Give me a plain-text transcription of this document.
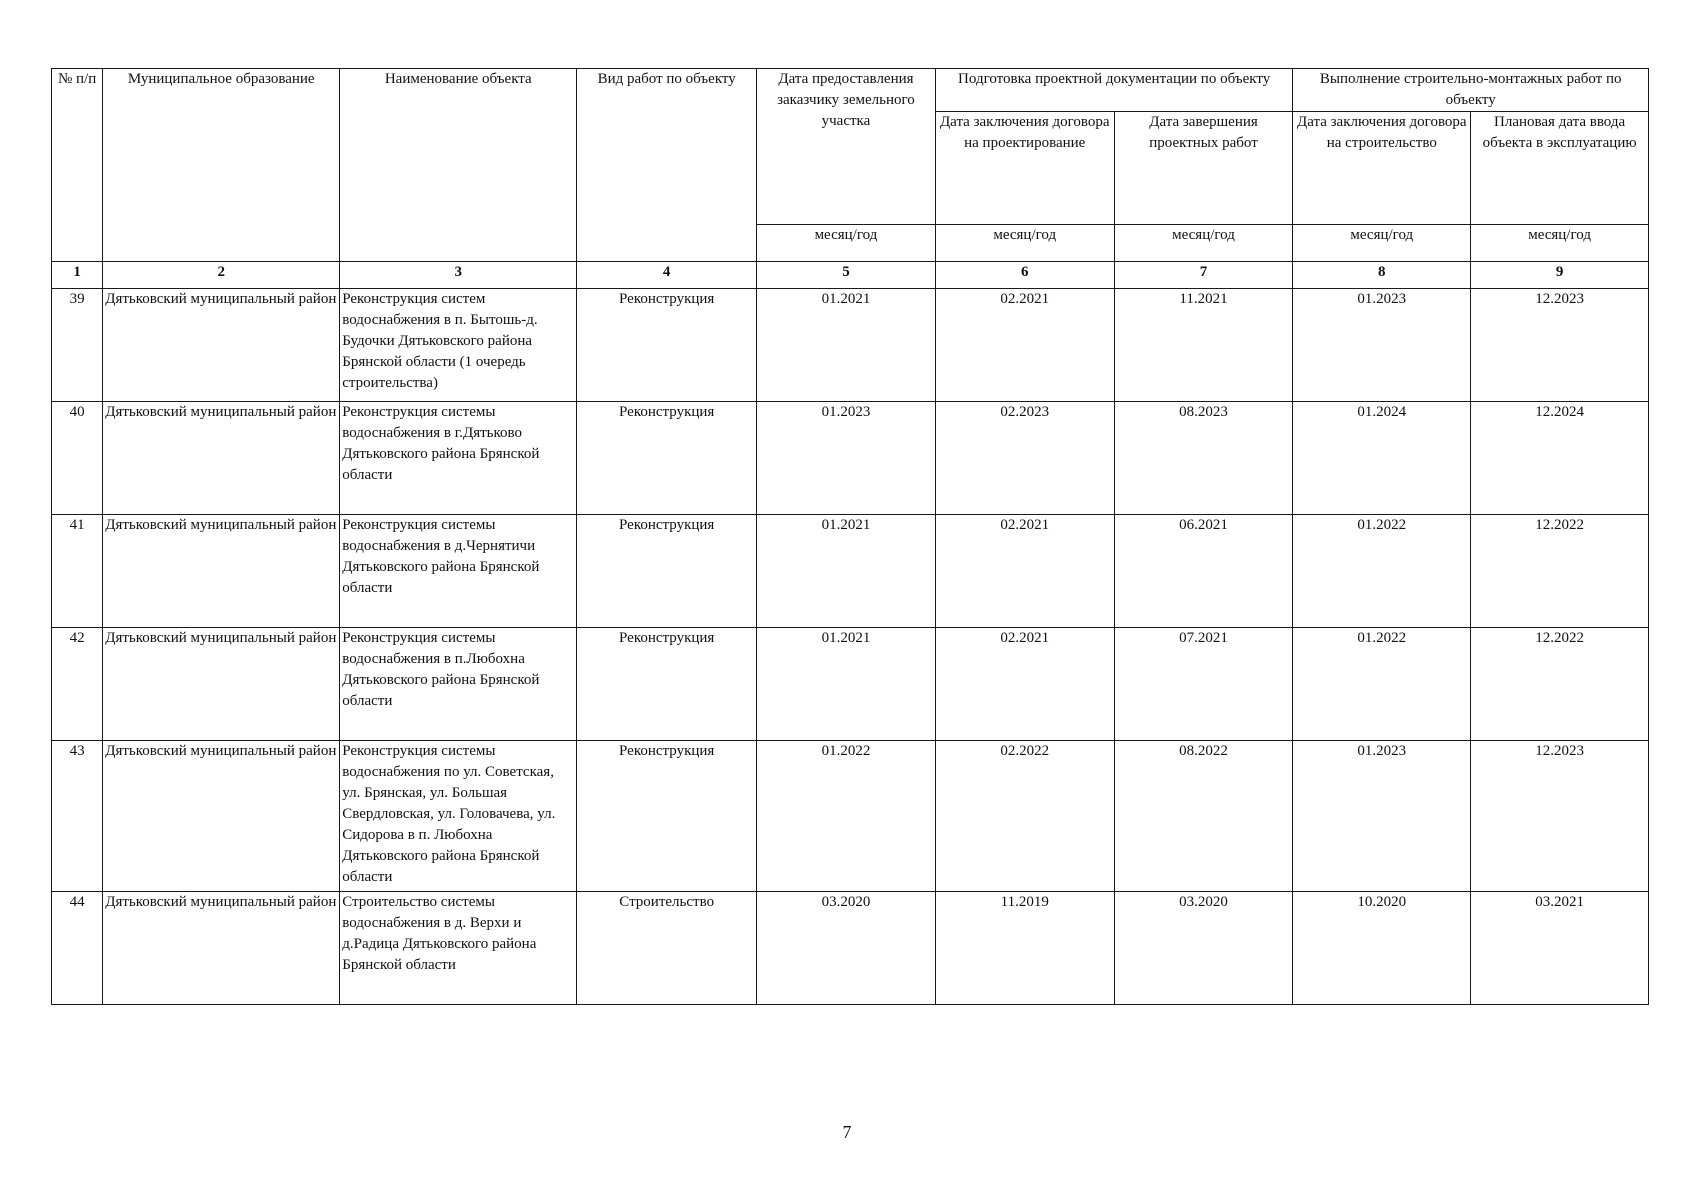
№ п/п	Муниципальное образование	Наименование объекта	Вид работ по объекту	Дата предоставления заказчику земельного участка	Подготовка проектной документации по объекту		Выполнение строительно-монтажных работ по объекту	
					Дата заключения договора на проектирование	Дата завершения проектных работ	Дата заключения договора на строительство	Плановая дата ввода объекта в эксплуатацию
				месяц/год	месяц/год	месяц/год	месяц/год	месяц/год
1	2	3	4	5	6	7	8	9
39	Дятьковский муниципальный район	Реконструкция систем водоснабжения в п. Бытошь-д. Будочки Дятьковского района Брянской области (1 очередь строительства)	Реконструкция	01.2021	02.2021	11.2021	01.2023	12.2023
40	Дятьковский муниципальный район	Реконструкция системы водоснабжения в г.Дятьково Дятьковского района Брянской области	Реконструкция	01.2023	02.2023	08.2023	01.2024	12.2024
41	Дятьковский муниципальный район	Реконструкция системы водоснабжения в д.Чернятичи Дятьковского района Брянской области	Реконструкция	01.2021	02.2021	06.2021	01.2022	12.2022
42	Дятьковский муниципальный район	Реконструкция системы водоснабжения в п.Любохна Дятьковского района Брянской области	Реконструкция	01.2021	02.2021	07.2021	01.2022	12.2022
43	Дятьковский муниципальный район	Реконструкция системы водоснабжения по ул. Советская, ул. Брянская, ул. Большая Свердловская, ул. Головачева, ул. Сидорова в п. Любохна Дятьковского района Брянской области	Реконструкция	01.2022	02.2022	08.2022	01.2023	12.2023
44	Дятьковский муниципальный район	Строительство системы водоснабжения в д. Верхи и д.Радица Дятьковского района Брянской области	Строительство	03.2020	11.2019	03.2020	10.2020	03.2021
7
